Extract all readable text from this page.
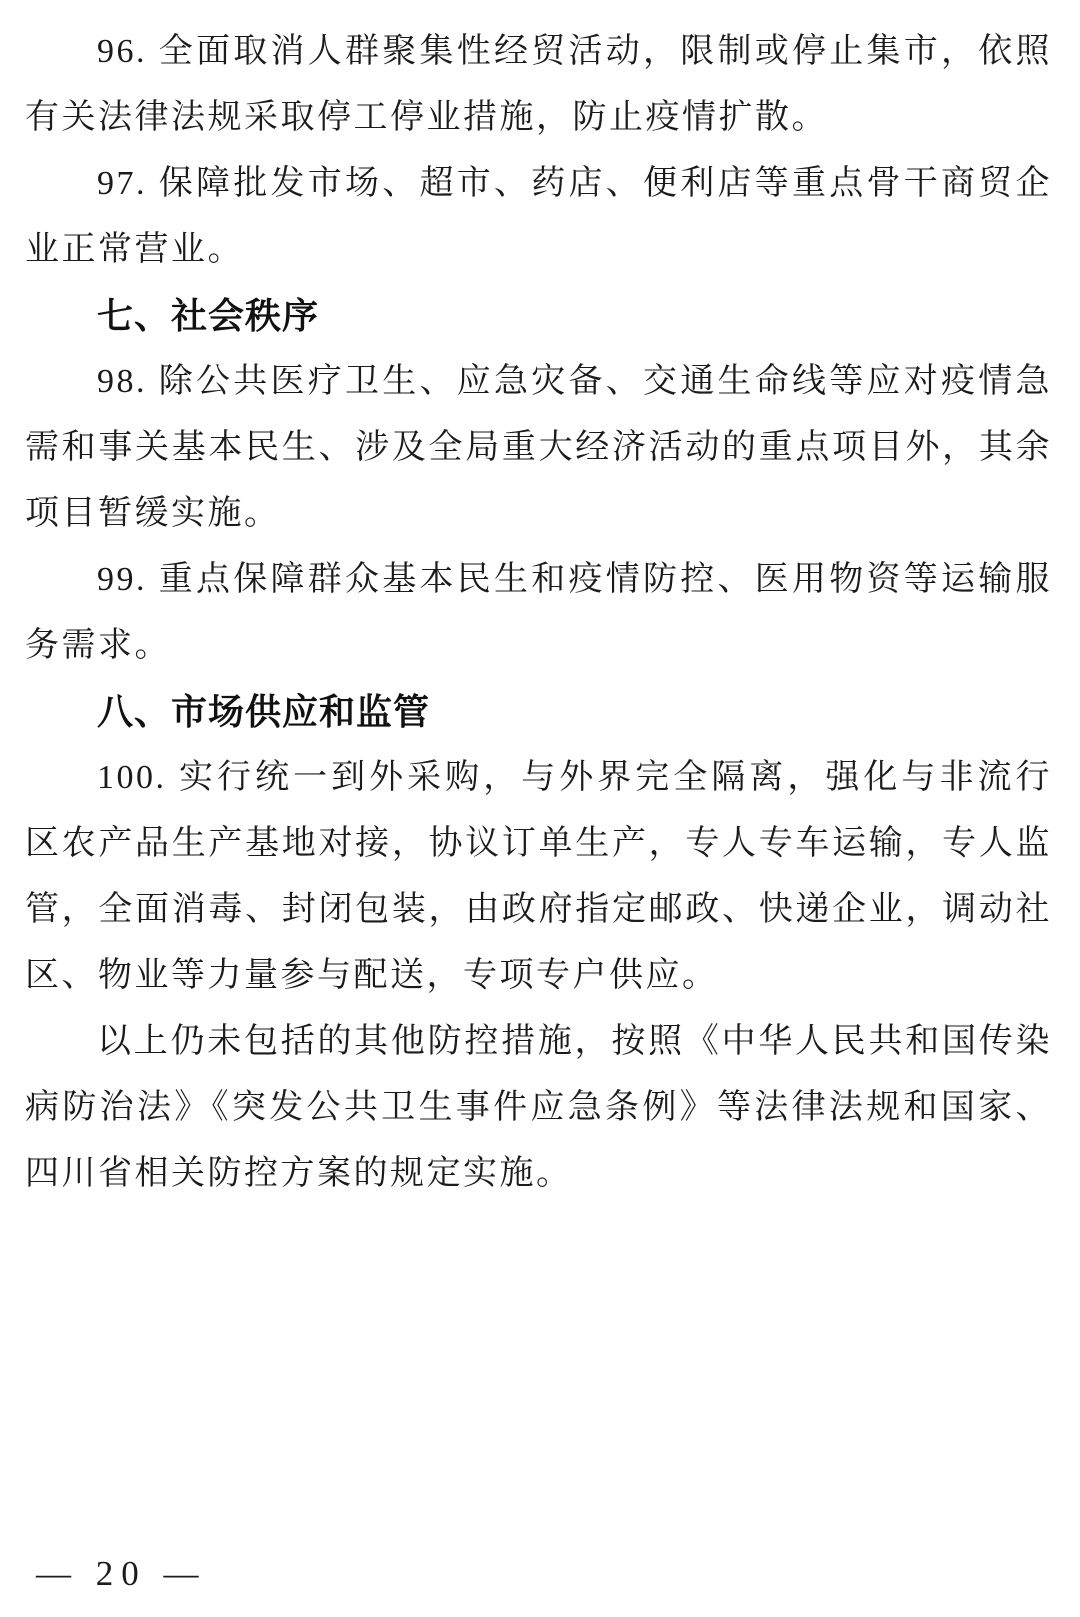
96. 全面取消人群聚集性经贸活动，限制或停止集市，依照有关法律法规采取停工停业措施，防止疫情扩散。

97. 保障批发市场、超市、药店、便利店等重点骨干商贸企业正常营业。

七、社会秩序

98. 除公共医疗卫生、应急灾备、交通生命线等应对疫情急需和事关基本民生、涉及全局重大经济活动的重点项目外，其余项目暂缓实施。

99. 重点保障群众基本民生和疫情防控、医用物资等运输服务需求。

八、市场供应和监管

100. 实行统一到外采购，与外界完全隔离，强化与非流行区农产品生产基地对接，协议订单生产，专人专车运输，专人监管，全面消毒、封闭包装，由政府指定邮政、快递企业，调动社区、物业等力量参与配送，专项专户供应。

以上仍未包括的其他防控措施，按照《中华人民共和国传染病防治法》《突发公共卫生事件应急条例》等法律法规和国家、四川省相关防控方案的规定实施。

— 20 —
